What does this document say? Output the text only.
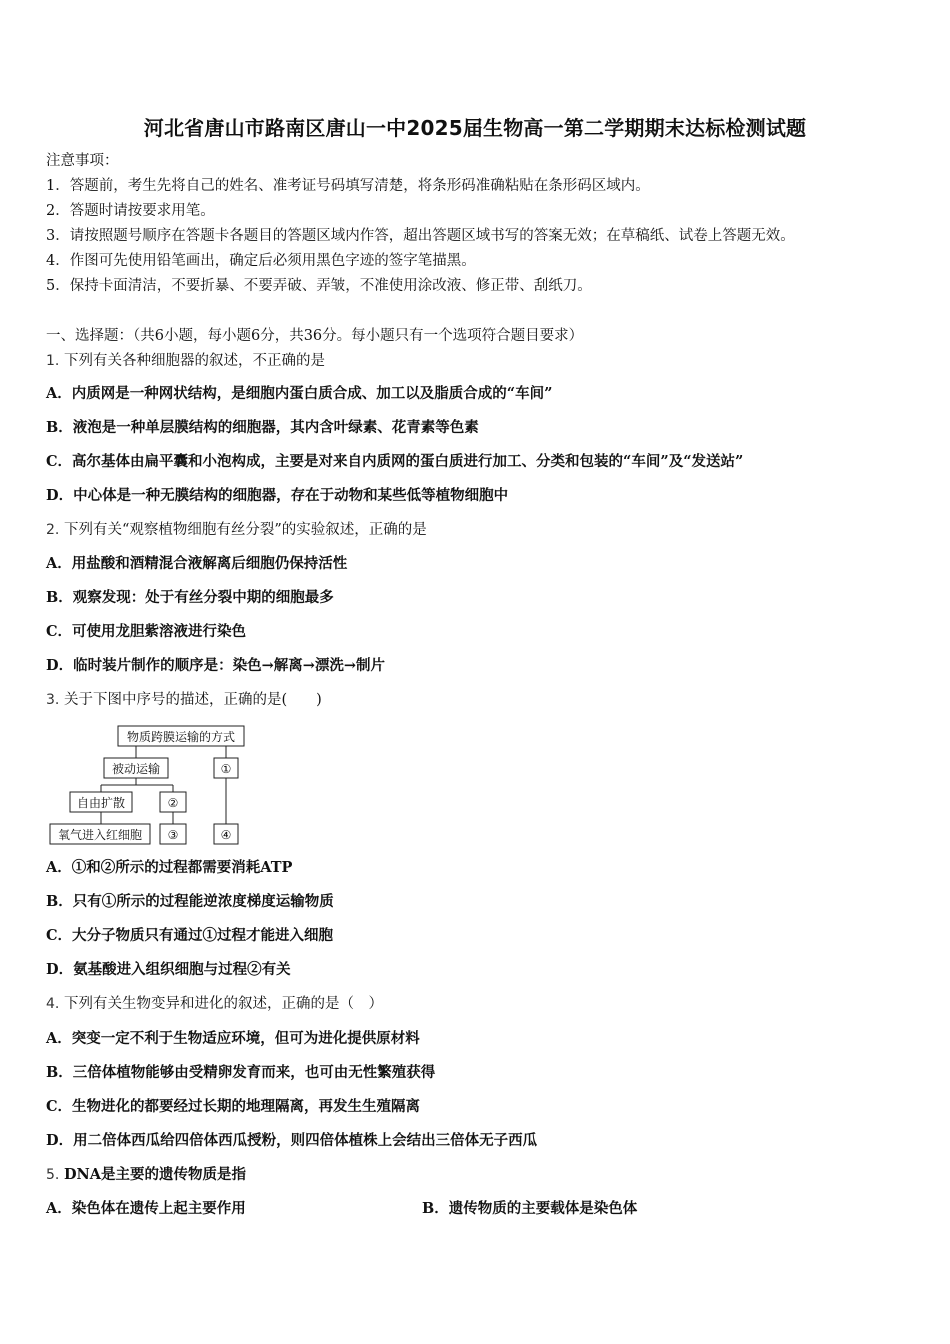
河北省唐山市路南区唐山一中2025届生物高一第二学期期末达标检测试题
注意事项：
1．答题前，考生先将自己的姓名、准考证号码填写清楚，将条形码准确粘贴在条形码区域内。
2．答题时请按要求用笔。
3．请按照题号顺序在答题卡各题目的答题区域内作答，超出答题区域书写的答案无效；在草稿纸、试卷上答题无效。
4．作图可先使用铅笔画出，确定后必须用黑色字迹的签字笔描黑。
5．保持卡面清洁，不要折暴、不要弄破、弄皱，不准使用涂改液、修正带、刮纸刀。
一、选择题：（共6小题，每小题6分，共36分。每小题只有一个选项符合题目要求）
1. 下列有关各种细胞器的叙述，不正确的是
A．内质网是一种网状结构，是细胞内蛋白质合成、加工以及脂质合成的“车间”
B．液泡是一种单层膜结构的细胞器，其内含叶绿素、花青素等色素
C．高尔基体由扁平囊和小泡构成，主要是对来自内质网的蛋白质进行加工、分类和包装的“车间”及“发送站”
D．中心体是一种无膜结构的细胞器，存在于动物和某些低等植物细胞中
2. 下列有关“观察植物细胞有丝分裂”的实验叙述，正确的是
A．用盐酸和酒精混合液解离后细胞仍保持活性
B．观察发现：处于有丝分裂中期的细胞最多
C．可使用龙胆紫溶液进行染色
D．临时装片制作的顺序是：染色→解离→漂洗→制片
3. 关于下图中序号的描述，正确的是(　　)
物质跨膜运输的方式
被动运输	①
自由扩散	②
氧气进入红细胞 ③	④
A．①和②所示的过程都需要消耗ATP
B．只有①所示的过程能逆浓度梯度运输物质
C．大分子物质只有通过①过程才能进入细胞
D．氨基酸进入组织细胞与过程②有关
4. 下列有关生物变异和进化的叙述，正确的是（　）
A．突变一定不利于生物适应环境，但可为进化提供原材料
B．三倍体植物能够由受精卵发育而来，也可由无性繁殖获得
C．生物进化的都要经过长期的地理隔离，再发生生殖隔离
D．用二倍体西瓜给四倍体西瓜授粉，则四倍体植株上会结出三倍体无子西瓜
5. DNA是主要的遗传物质是指
A．染色体在遗传上起主要作用	B．遗传物质的主要载体是染色体
